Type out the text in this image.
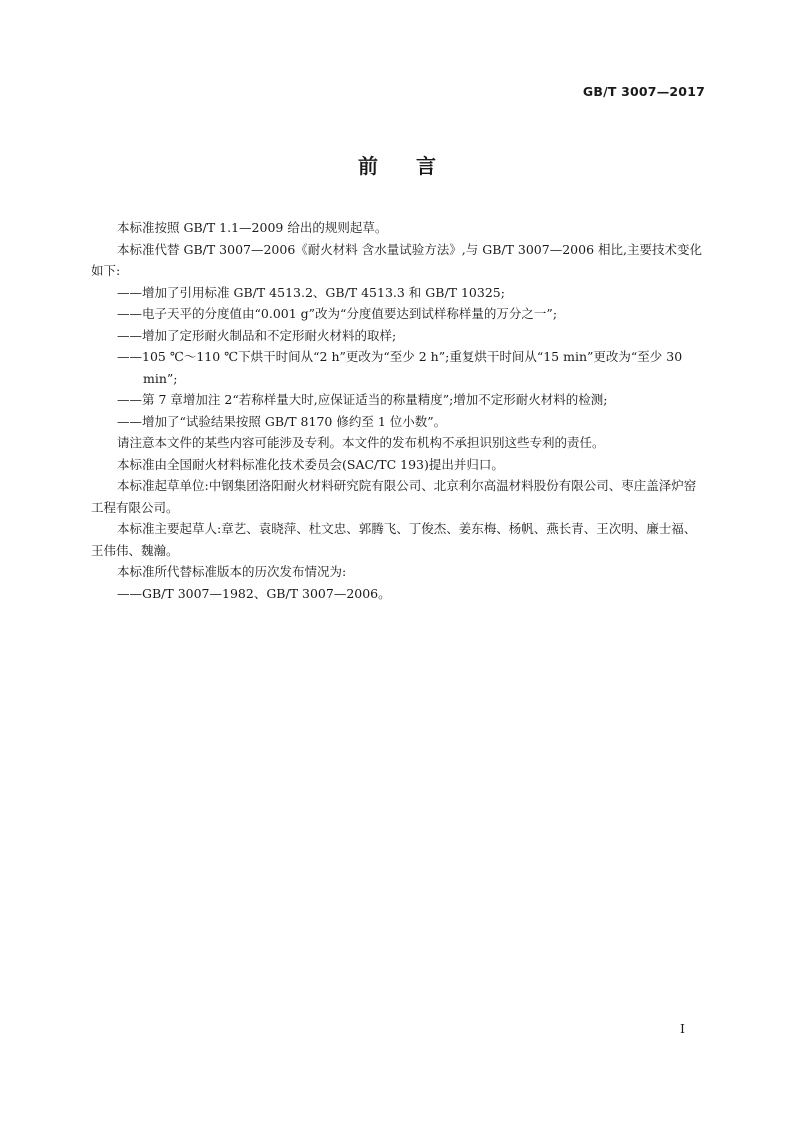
GB/T 3007—2017
前言

本标准按照 GB/T 1.1—2009 给出的规则起草。

本标准代替 GB/T 3007—2006《耐火材料 含水量试验方法》,与 GB/T 3007—2006 相比,主要技术变化如下:

——增加了引用标准 GB/T 4513.2、GB/T 4513.3 和 GB/T 10325;

——电子天平的分度值由“0.001 g”改为“分度值要达到试样称样量的万分之一”;

——增加了定形耐火制品和不定形耐火材料的取样;

——105 ℃～110 ℃下烘干时间从“2 h”更改为“至少 2 h”;重复烘干时间从“15 min”更改为“至少 30 min”;

——第 7 章增加注 2“若称样量大时,应保证适当的称量精度”;增加不定形耐火材料的检测;

——增加了“试验结果按照 GB/T 8170 修约至 1 位小数”。

请注意本文件的某些内容可能涉及专利。本文件的发布机构不承担识别这些专利的责任。

本标准由全国耐火材料标准化技术委员会(SAC/TC 193)提出并归口。

本标准起草单位:中钢集团洛阳耐火材料研究院有限公司、北京利尔高温材料股份有限公司、枣庄盖泽炉窑工程有限公司。

本标准主要起草人:章艺、袁晓萍、杜文忠、郭腾飞、丁俊杰、姜东梅、杨帆、燕长青、王次明、廉士福、王伟伟、魏瀚。

本标准所代替标准版本的历次发布情况为:

——GB/T 3007—1982、GB/T 3007—2006。

I
